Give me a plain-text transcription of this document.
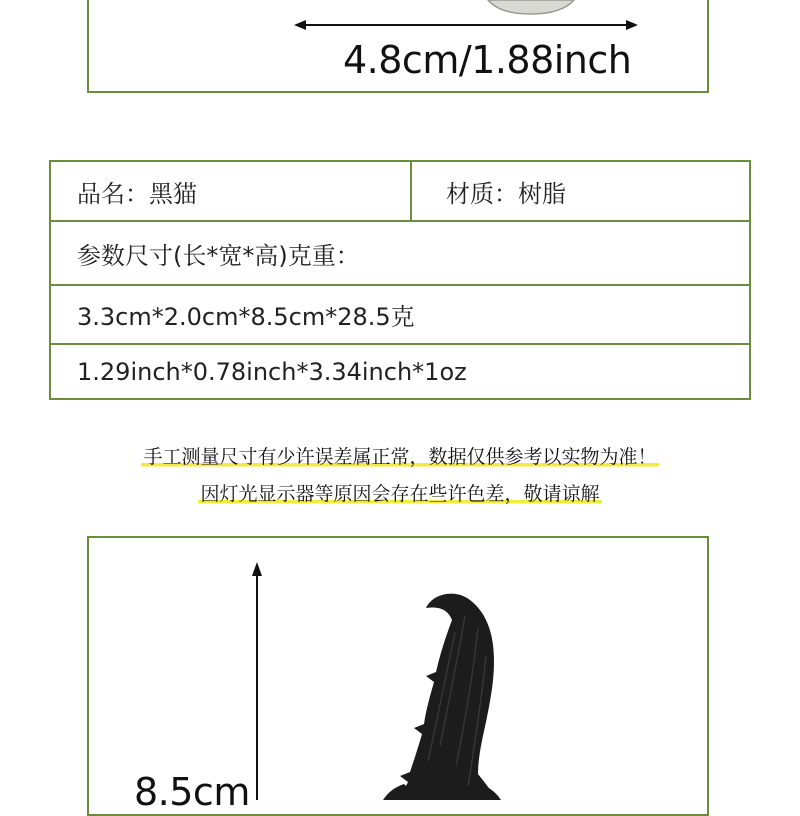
4.8cm/1.88inch
品名：黑猫	材质：树脂
参数尺寸(长*宽*高)克重：
3.3cm*2.0cm*8.5cm*28.5克
1.29inch*0.78inch*3.34inch*1oz
手工测量尺寸有少许误差属正常，数据仅供参考以实物为准！
因灯光显示器等原因会存在些许色差，敬请谅解
8.5cm
